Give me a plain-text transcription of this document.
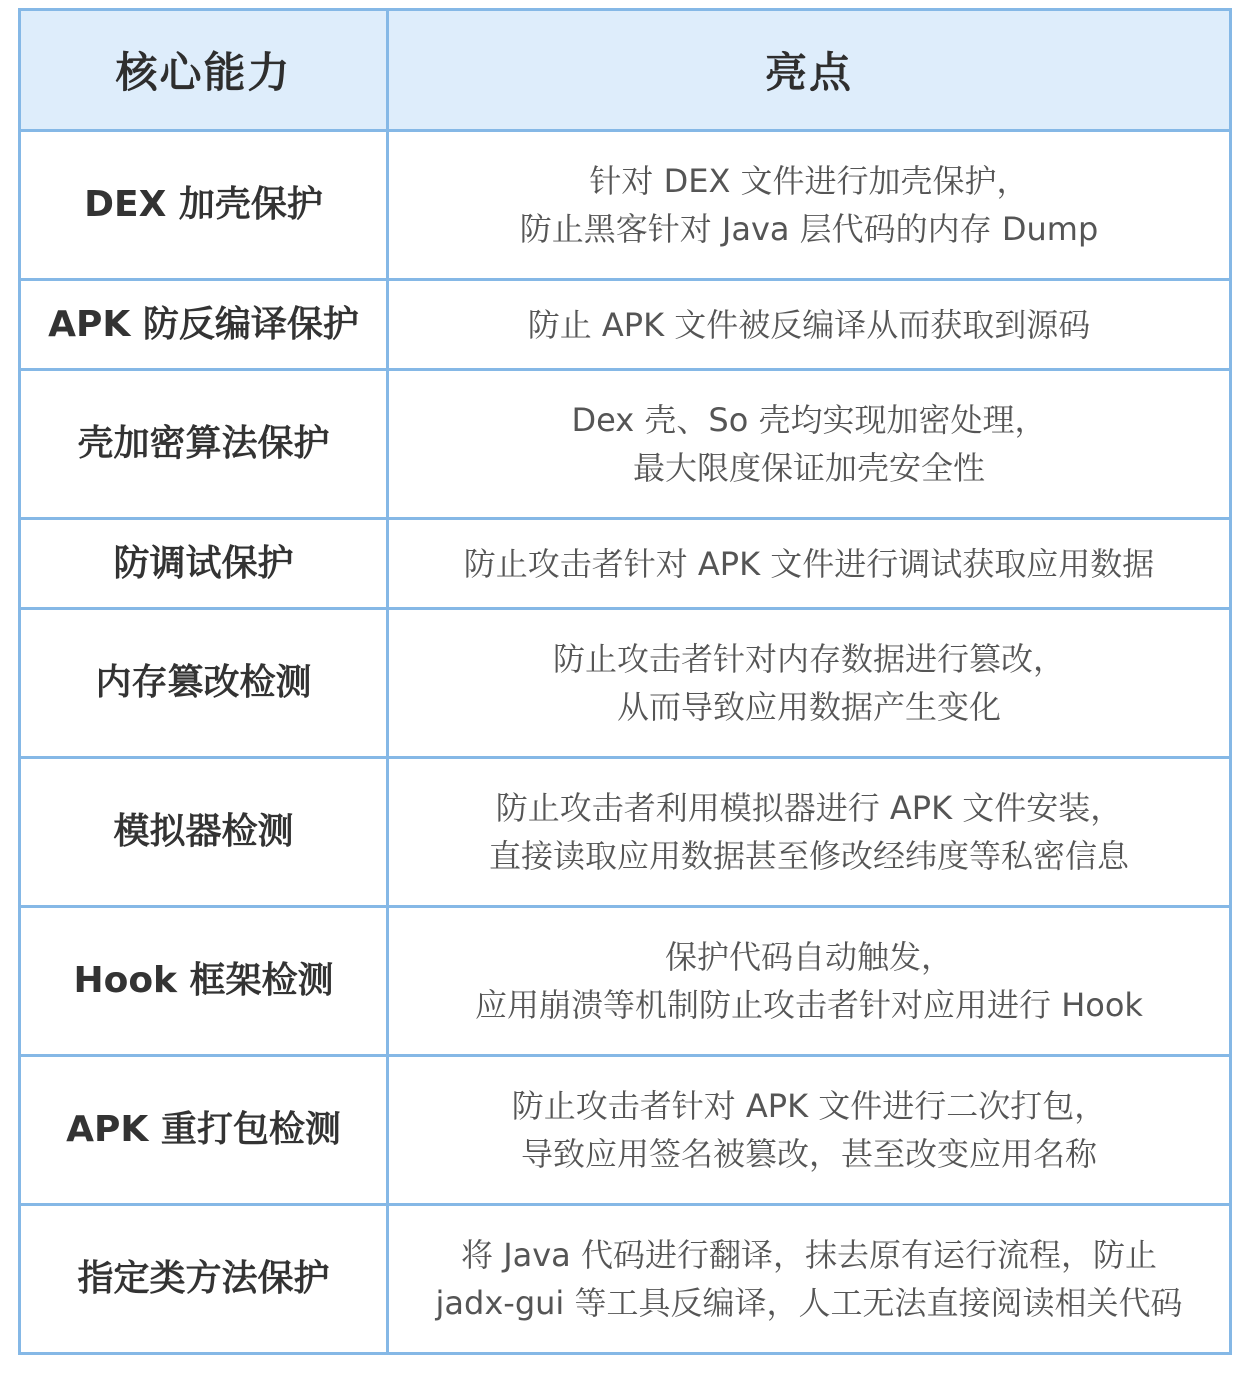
核心能力	亮点
DEX 加壳保护	针对 DEX 文件进行加壳保护，
防止黑客针对 Java 层代码的内存 Dump

APK 防反编译保护	防止 APK 文件被反编译从而获取到源码

壳加密算法保护	Dex 壳、So 壳均实现加密处理，
最大限度保证加壳安全性

防调试保护	防止攻击者针对 APK 文件进行调试获取应用数据

内存篡改检测	防止攻击者针对内存数据进行篡改，
从而导致应用数据产生变化

模拟器检测	防止攻击者利用模拟器进行 APK 文件安装，
直接读取应用数据甚至修改经纬度等私密信息

Hook 框架检测	保护代码自动触发，
应用崩溃等机制防止攻击者针对应用进行 Hook

APK 重打包检测	防止攻击者针对 APK 文件进行二次打包，
导致应用签名被篡改，甚至改变应用名称

指定类方法保护	将 Java 代码进行翻译，抹去原有运行流程，防止
jadx-gui 等工具反编译，人工无法直接阅读相关代码
